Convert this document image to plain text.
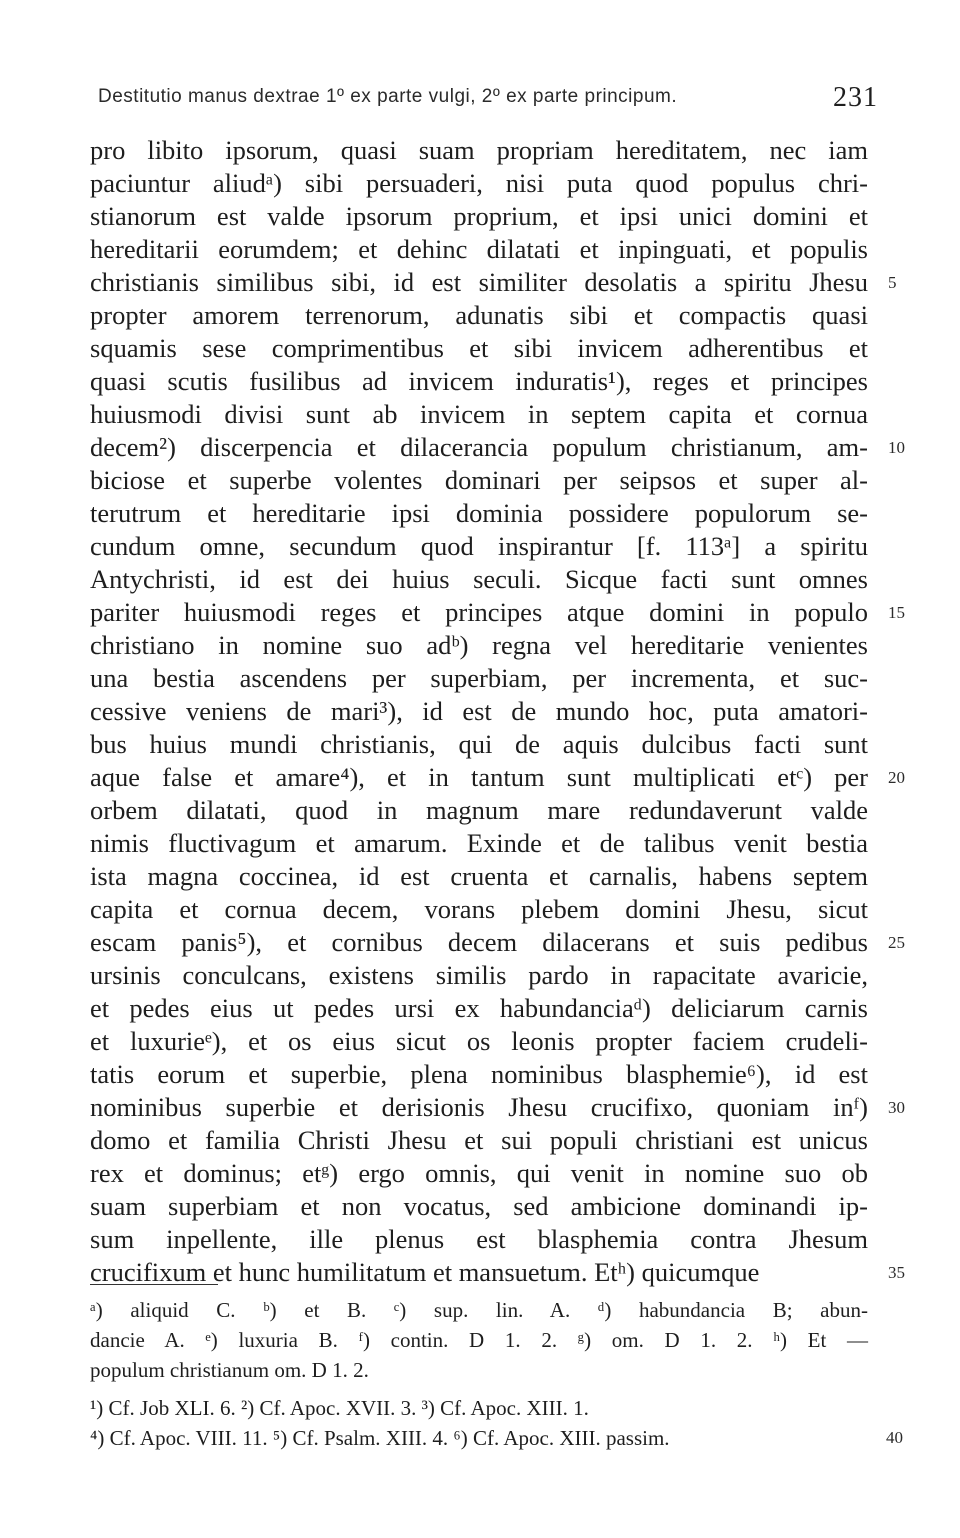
Destitutio manus dextrae 1º ex parte vulgi, 2º ex parte principum.	231
pro libito ipsorum, quasi suam propriam hereditatem, nec iam
paciuntur aliudᵃ) sibi persuaderi, nisi puta quod populus chri-
stianorum est valde ipsorum proprium, et ipsi unici domini et
hereditarii eorumdem; et dehinc dilatati et inpinguati, et populis
christianis similibus sibi, id est similiter desolatis a spiritu Jhesu
propter amorem terrenorum, adunatis sibi et compactis quasi
squamis sese comprimentibus et sibi invicem adherentibus et
quasi scutis fusilibus ad invicem induratis¹), reges et principes
huiusmodi divisi sunt ab invicem in septem capita et cornua
decem²) discerpencia et dilacerancia populum christianum, am-
biciose et superbe volentes dominari per seipsos et super al-
terutrum et hereditarie ipsi dominia possidere populorum se-
cundum omne, secundum quod inspirantur [f. 113ᵃ] a spiritu
Antychristi, id est dei huius seculi. Sicque facti sunt omnes
pariter huiusmodi reges et principes atque domini in populo
christiano in nomine suo adᵇ) regna vel hereditarie venientes
una bestia ascendens per superbiam, per incrementa, et suc-
cessive veniens de mari³), id est de mundo hoc, puta amatori-
bus huius mundi christianis, qui de aquis dulcibus facti sunt
aque false et amare⁴), et in tantum sunt multiplicati etᶜ) per
orbem dilatati, quod in magnum mare redundaverunt valde
nimis fluctivagum et amarum. Exinde et de talibus venit bestia
ista magna coccinea, id est cruenta et carnalis, habens septem
capita et cornua decem, vorans plebem domini Jhesu, sicut
escam panis⁵), et cornibus decem dilacerans et suis pedibus
ursinis conculcans, existens similis pardo in rapacitate avaricie,
et pedes eius ut pedes ursi ex habundanciaᵈ) deliciarum carnis
et luxurieᵉ), et os eius sicut os leonis propter faciem crudeli-
tatis eorum et superbie, plena nominibus blasphemie⁶), id est
nominibus superbie et derisionis Jhesu crucifixo, quoniam inᶠ)
domo et familia Christi Jhesu et sui populi christiani est unicus
rex et dominus; etᵍ) ergo omnis, qui venit in nomine suo ob
suam superbiam et non vocatus, sed ambicione dominandi ip-
sum inpellente, ille plenus est blasphemia contra Jhesum
crucifixum et hunc humilitatum et mansuetum. Etʰ) quicumque
5
10
15
20
25
30
35
ᵃ) aliquid C. ᵇ) et B. ᶜ) sup. lin. A. ᵈ) habundancia B; abun-
dancie A. ᵉ) luxuria B. ᶠ) contin. D 1. 2. ᵍ) om. D 1. 2. ʰ) Et —
populum christianum om. D 1. 2.
¹) Cf. Job XLI. 6. ²) Cf. Apoc. XVII. 3. ³) Cf. Apoc. XIII. 1.
⁴) Cf. Apoc. VIII. 11. ⁵) Cf. Psalm. XIII. 4. ⁶) Cf. Apoc. XIII. passim.	40
